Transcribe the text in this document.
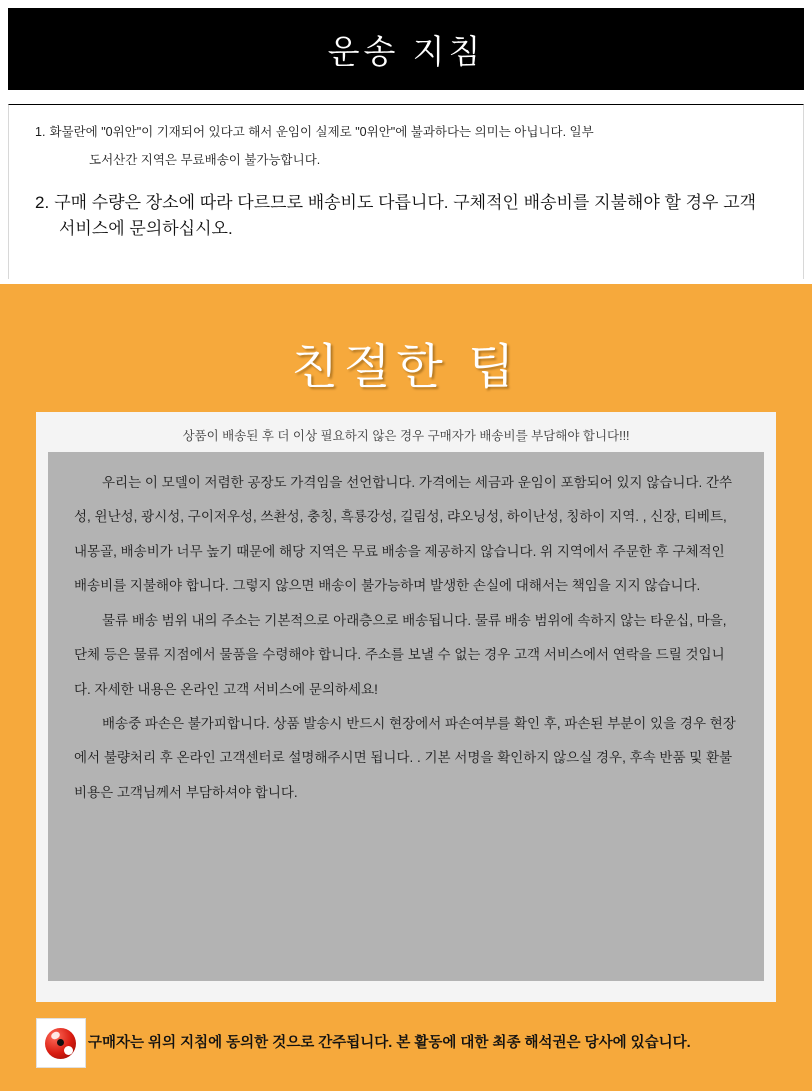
운송 지침
1. 화물란에 "0위안"이 기재되어 있다고 해서 운임이 실제로 "0위안"에 불과하다는 의미는 아닙니다. 일부
도서산간 지역은 무료배송이 불가능합니다.
2. 구매 수량은 장소에 따라 다르므로 배송비도 다릅니다. 구체적인 배송비를 지불해야 할 경우 고객 서비스에 문의하십시오.
친절한 팁
상품이 배송된 후 더 이상 필요하지 않은 경우 구매자가 배송비를 부담해야 합니다!!!

우리는 이 모델이 저렴한 공장도 가격임을 선언합니다. 가격에는 세금과 운임이 포함되어 있지 않습니다. 간쑤성, 윈난성, 광시성, 구이저우성, 쓰촨성, 충칭, 흑룡강성, 길림성, 랴오닝성, 하이난성, 칭하이 지역. , 신장, 티베트, 내몽골, 배송비가 너무 높기 때문에 해당 지역은 무료 배송을 제공하지 않습니다. 위 지역에서 주문한 후 구체적인 배송비를 지불해야 합니다. 그렇지 않으면 배송이 불가능하며 발생한 손실에 대해서는 책임을 지지 않습니다.

물류 배송 범위 내의 주소는 기본적으로 아래층으로 배송됩니다. 물류 배송 범위에 속하지 않는 타운십, 마을, 단체 등은 물류 지점에서 물품을 수령해야 합니다. 주소를 보낼 수 없는 경우 고객 서비스에서 연락을 드릴 것입니다. 자세한 내용은 온라인 고객 서비스에 문의하세요!

배송중 파손은 불가피합니다. 상품 발송시 반드시 현장에서 파손여부를 확인 후, 파손된 부분이 있을 경우 현장에서 불량처리 후 온라인 고객센터로 설명해주시면 됩니다. . 기본 서명을 확인하지 않으실 경우, 후속 반품 및 환불 비용은 고객님께서 부담하셔야 합니다.

구매자는 위의 지침에 동의한 것으로 간주됩니다. 본 활동에 대한 최종 해석권은 당사에 있습니다.
